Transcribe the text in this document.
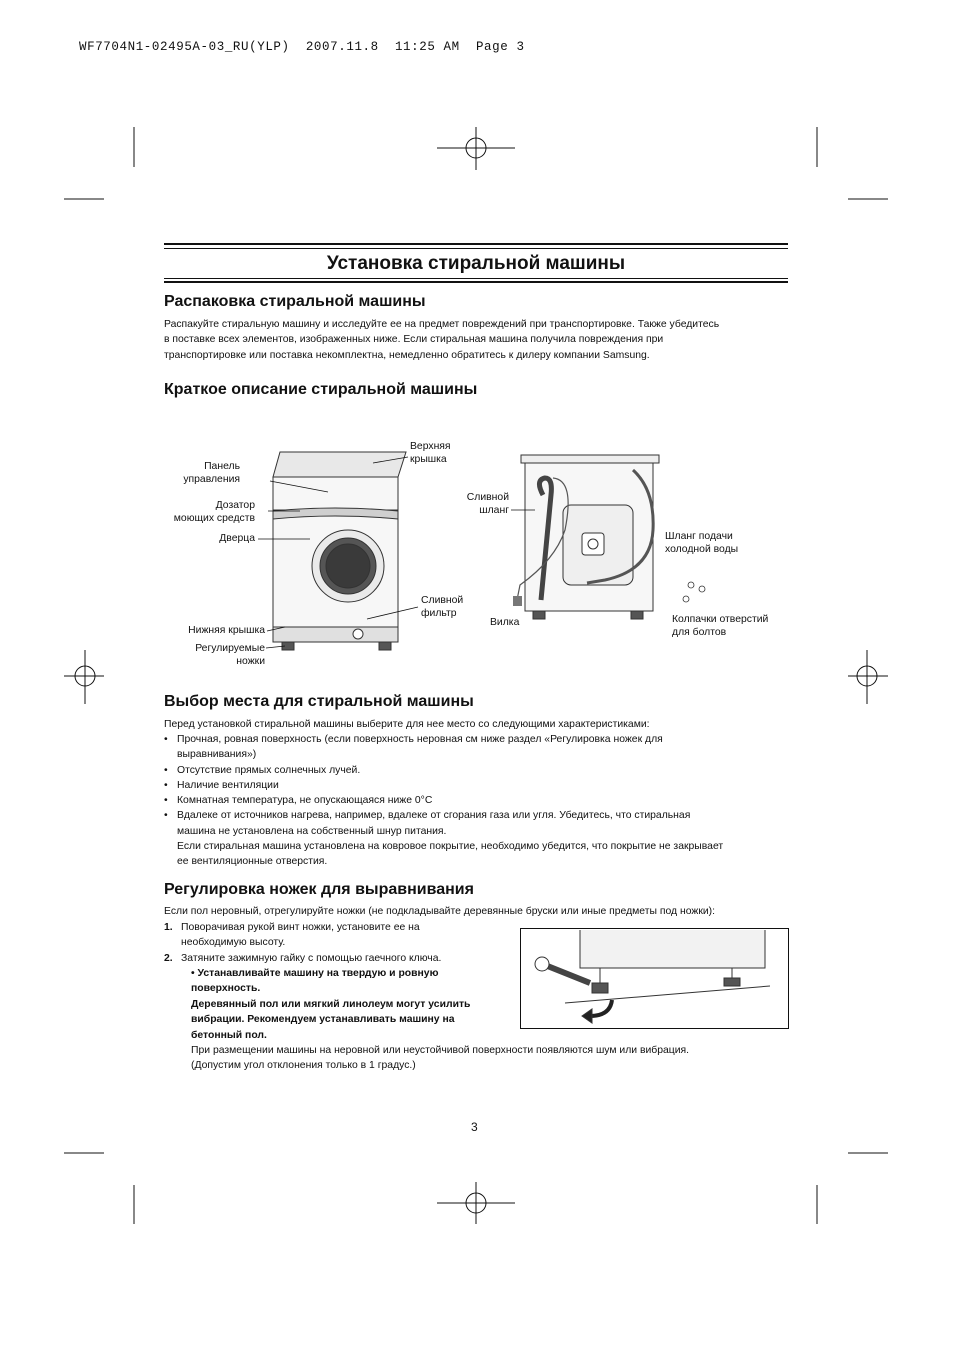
WF7704N1-02495A-03_RU(YLP)  2007.11.8  11:25 AM  Page 3
Установка стиральной машины
Распаковка стиральной машины
Распакуйте стиральную машину и исследуйте ее на предмет повреждений при транспортировке. Также убедитесь
в поставке всех элементов, изображенных ниже. Если стиральная машина получила повреждения при
транспортировке или поставка некомплектна, немедленно обратитесь к дилеру компании Samsung.
Краткое описание стиральной машины
Верхняя
крышка
Панель
управления
Дозатор
моющих средств
Дверца
Сливной
фильтр
Нижняя крышка
Регулируемые
ножки
Сливной
шланг
Шланг подачи
холодной воды
Вилка	Колпачки отверстий
для болтов
Выбор места для стиральной машины
Перед установкой стиральной машины выберите для нее место со следующими характеристиками:
• Прочная, ровная поверхность (если поверхность неровная см ниже раздел «Регулировка ножек для
выравнивания»)
• Отсутствие прямых солнечных лучей.
• Наличие вентиляции
• Комнатная температура, не опускающаяся ниже 0°C
• Вдалеке от источников нагрева, например, вдалеке от сгорания газа или угля. Убедитесь, что стиральная
машина не установлена на собственный шнур питания.
Если стиральная машина установлена на ковровое покрытие, необходимо убедится, что покрытие не закрывает
ее вентиляционные отверстия.
Регулировка ножек для выравнивания
Если пол неровный, отрегулируйте ножки (не подкладывайте деревянные бруски или иные предметы под ножки):
1. Поворачивая рукой винт ножки, установите ее на
необходимую высоту.
2. Затяните зажимную гайку с помощью гаечного ключа.
• Устанавливайте машину на твердую и ровную
поверхность.
Деревянный пол или мягкий линолеум могут усилить
вибрации. Рекомендуем устанавливать машину на
бетонный пол.
При размещении машины на неровной или неустойчивой поверхности появляются шум или вибрация.
(Допустим угол отклонения только в 1 градус.)
3
